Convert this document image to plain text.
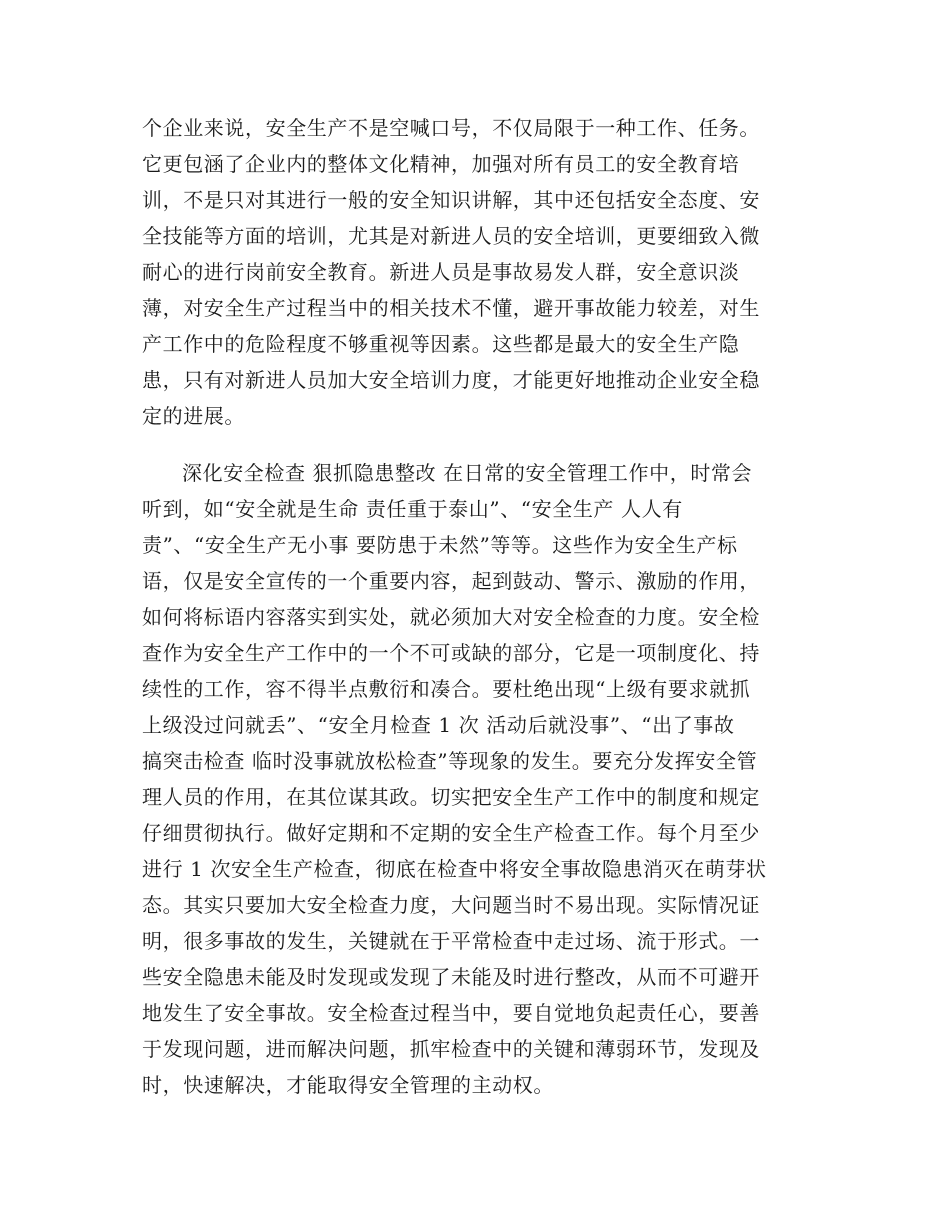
个企业来说，安全生产不是空喊口号，不仅局限于一种工作、任务。
它更包涵了企业内的整体文化精神，加强对所有员工的安全教育培
训，不是只对其进行一般的安全知识讲解，其中还包括安全态度、安
全技能等方面的培训，尤其是对新进人员的安全培训，更要细致入微
耐心的进行岗前安全教育。新进人员是事故易发人群，安全意识淡
薄，对安全生产过程当中的相关技术不懂，避开事故能力较差，对生
产工作中的危险程度不够重视等因素。这些都是最大的安全生产隐
患，只有对新进人员加大安全培训力度，才能更好地推动企业安全稳
定的进展。
深化安全检查 狠抓隐患整改 在日常的安全管理工作中，时常会
听到，如“安全就是生命 责任重于泰山”、“安全生产 人人有
责”、“安全生产无小事 要防患于未然”等等。这些作为安全生产标
语，仅是安全宣传的一个重要内容，起到鼓动、警示、激励的作用，
如何将标语内容落实到实处，就必须加大对安全检查的力度。安全检
查作为安全生产工作中的一个不可或缺的部分，它是一项制度化、持
续性的工作，容不得半点敷衍和凑合。要杜绝出现“上级有要求就抓
上级没过问就丢”、“安全月检查 1 次 活动后就没事”、“出了事故
搞突击检查 临时没事就放松检查”等现象的发生。要充分发挥安全管
理人员的作用，在其位谋其政。切实把安全生产工作中的制度和规定
仔细贯彻执行。做好定期和不定期的安全生产检查工作。每个月至少
进行 1 次安全生产检查，彻底在检查中将安全事故隐患消灭在萌芽状
态。其实只要加大安全检查力度，大问题当时不易出现。实际情况证
明，很多事故的发生，关键就在于平常检查中走过场、流于形式。一
些安全隐患未能及时发现或发现了未能及时进行整改，从而不可避开
地发生了安全事故。安全检查过程当中，要自觉地负起责任心，要善
于发现问题，进而解决问题，抓牢检查中的关键和薄弱环节，发现及
时，快速解决，才能取得安全管理的主动权。
